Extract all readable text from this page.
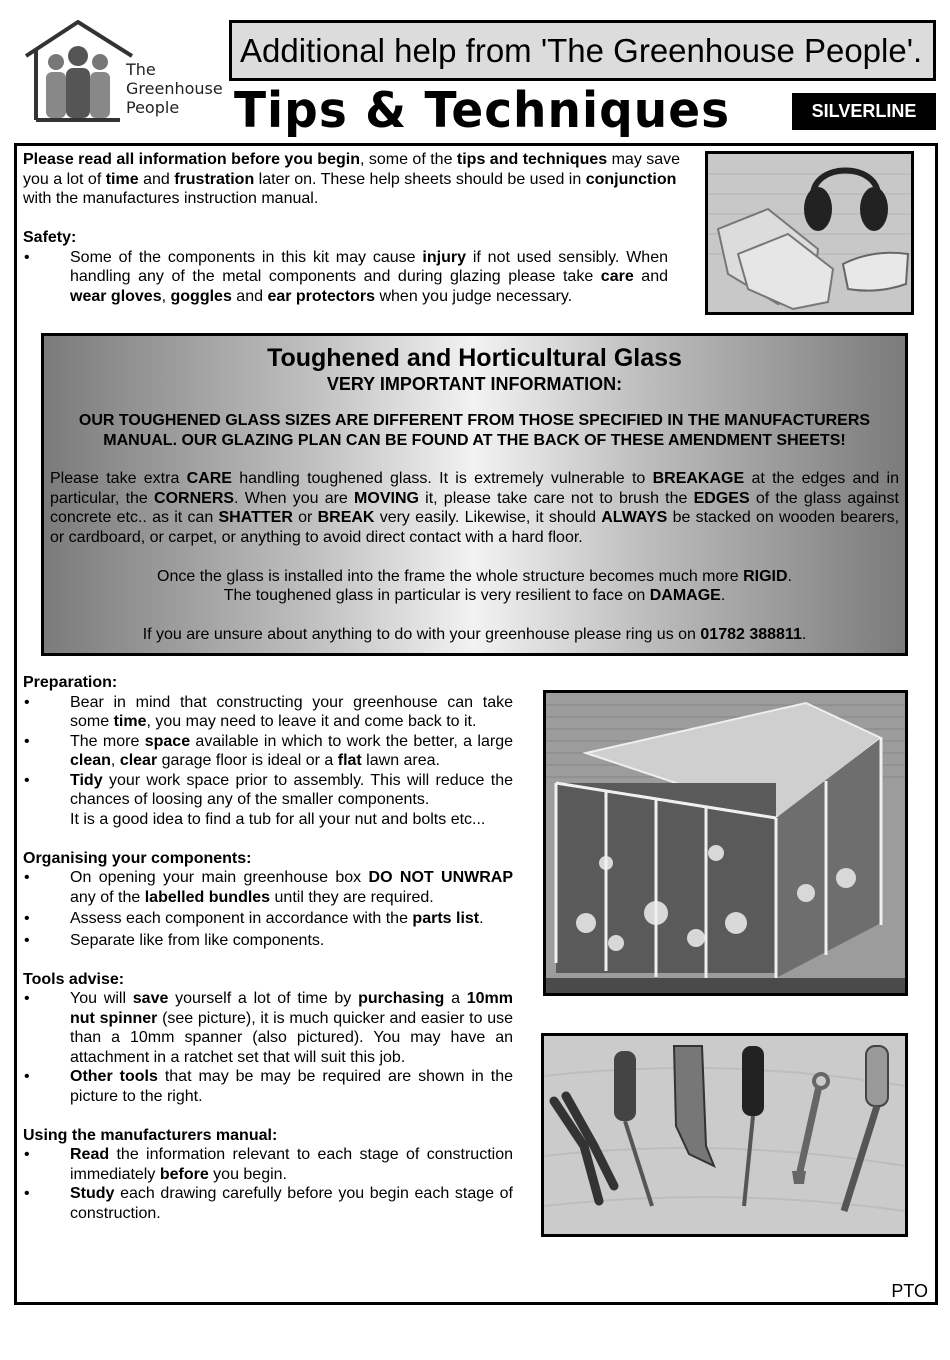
The
Greenhouse
People
Additional help from 'The Greenhouse People'.
Tips & Techniques	SILVERLINE

Please read all information before you begin, some of the tips and techniques may save you a lot of time and frustration later on. These help sheets should be used in conjunction with the manufactures instruction manual.

Safety:

• Some of the components in this kit may cause injury if not used sensibly. When handling any of the metal components and during glazing please take care and wear gloves, goggles and ear protectors when you judge necessary.
Toughened and Horticultural Glass
VERY IMPORTANT INFORMATION:
OUR TOUGHENED GLASS SIZES ARE DIFFERENT FROM THOSE SPECIFIED IN THE MANUFACTURERS MANUAL. OUR GLAZING PLAN CAN BE FOUND AT THE BACK OF THESE AMENDMENT SHEETS!

Please take extra CARE handling toughened glass. It is extremely vulnerable to BREAKAGE at the edges and in particular, the CORNERS. When you are MOVING it, please take care not to brush the EDGES of the glass against concrete etc.. as it can SHATTER or BREAK very easily. Likewise, it should ALWAYS be stacked on wooden bearers, or cardboard, or carpet, or anything to avoid direct contact with a hard floor.

Once the glass is installed into the frame the whole structure becomes much more RIGID.

The toughened glass in particular is very resilient to face on DAMAGE.

If you are unsure about anything to do with your greenhouse please ring us on 01782 388811.

Preparation:

• Bear in mind that constructing your greenhouse can take some time, you may need to leave it and come back to it.
• The more space available in which to work the better, a large clean, clear garage floor is ideal or a flat lawn area.
• Tidy your work space prior to assembly. This will reduce the chances of loosing any of the smaller components.
It is a good idea to find a tub for all your nut and bolts etc...

Organising your components:

• On opening your main greenhouse box DO NOT UNWRAP any of the labelled bundles until they are required.
• Assess each component in accordance with the parts list.
• Separate like from like components.

Tools advise:

• You will save yourself a lot of time by purchasing a 10mm nut spinner (see picture), it is much quicker and easier to use than a 10mm spanner (also pictured). You may have an attachment in a ratchet set that will suit this job.
• Other tools that may be may be required are shown in the picture to the right.

Using the manufacturers manual:

• Read the information relevant to each stage of construction immediately before you begin.
• Study each drawing carefully before you begin each stage of construction.
PTO
